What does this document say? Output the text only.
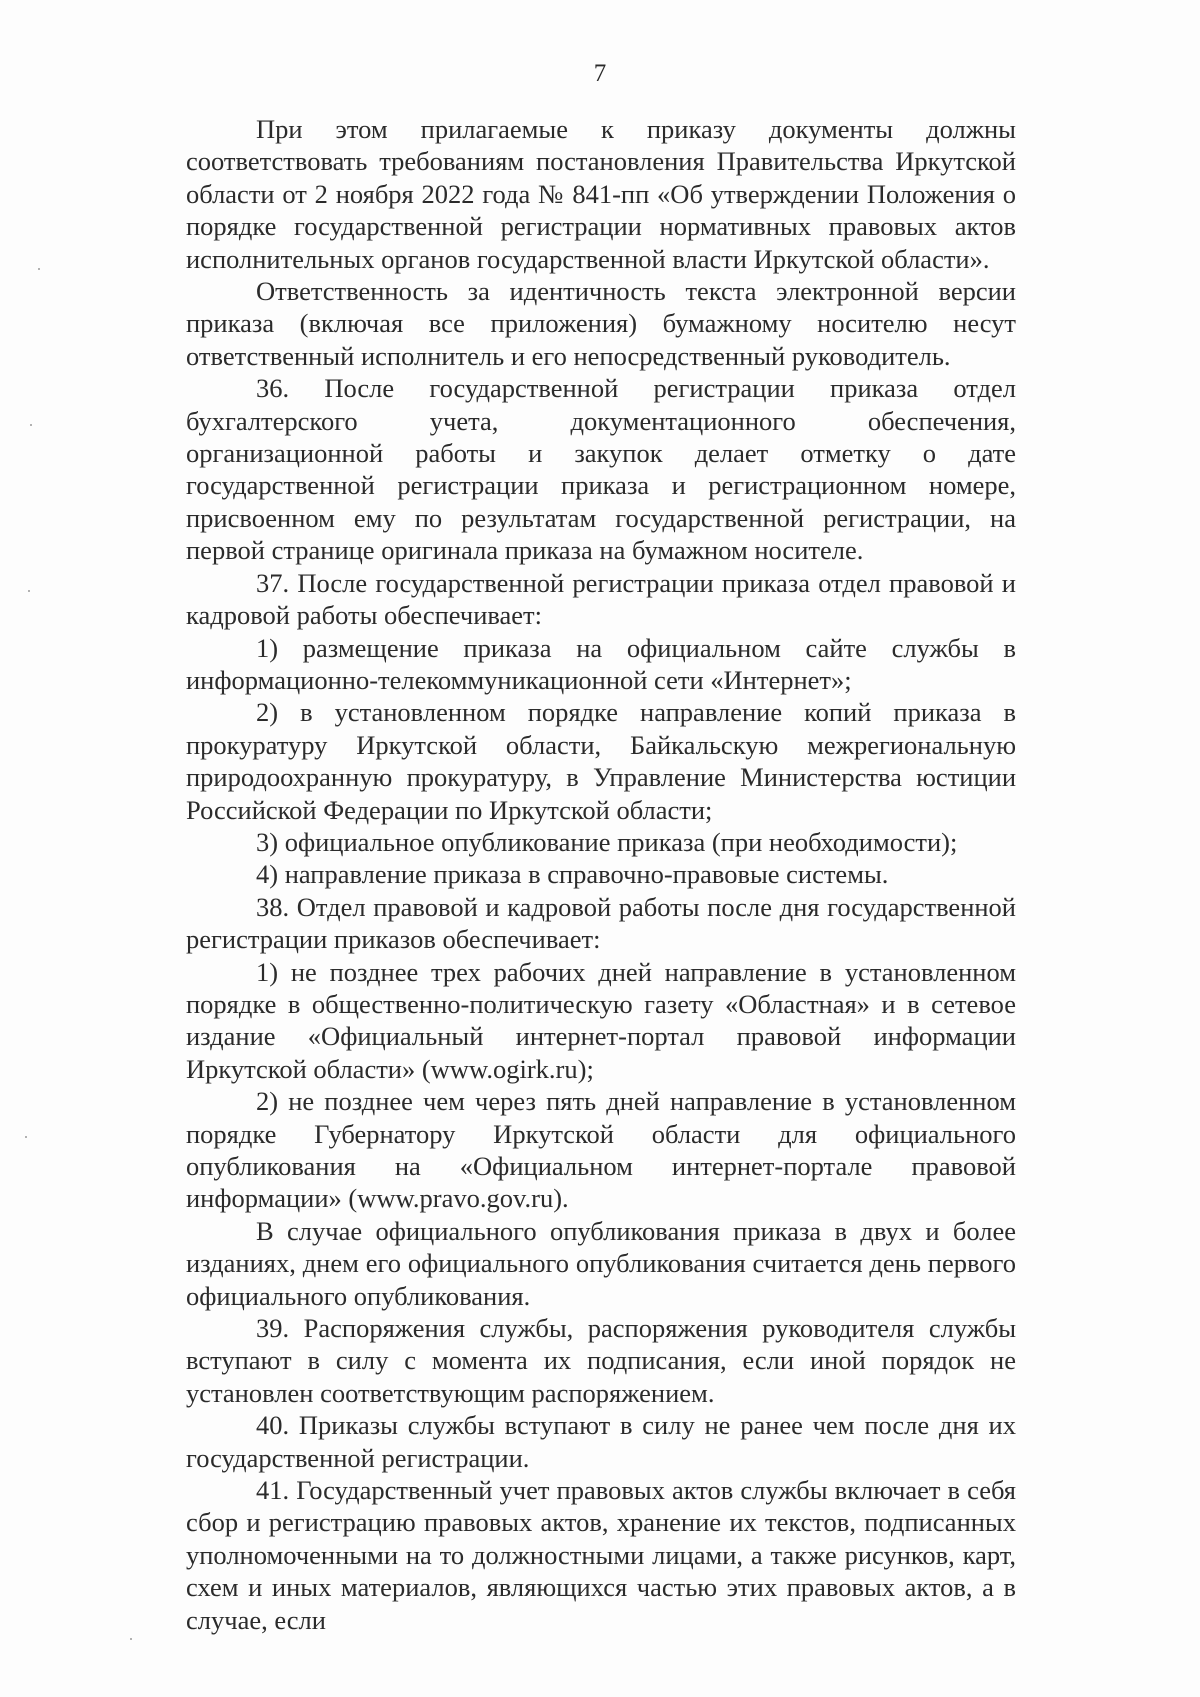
7

При этом прилагаемые к приказу документы должны соответствовать требованиям постановления Правительства Иркутской области от 2 ноября 2022 года № 841-пп «Об утверждении Положения о порядке государственной регистрации нормативных правовых актов исполнительных органов государственной власти Иркутской области».

Ответственность за идентичность текста электронной версии приказа (включая все приложения) бумажному носителю несут ответственный исполнитель и его непосредственный руководитель.

36. После государственной регистрации приказа отдел бухгалтерского учета, документационного обеспечения, организационной работы и закупок делает отметку о дате государственной регистрации приказа и регистрационном номере, присвоенном ему по результатам государственной регистрации, на первой странице оригинала приказа на бумажном носителе.

37. После государственной регистрации приказа отдел правовой и кадровой работы обеспечивает:

1) размещение приказа на официальном сайте службы в информационно-телекоммуникационной сети «Интернет»;

2) в установленном порядке направление копий приказа в прокуратуру Иркутской области, Байкальскую межрегиональную природоохранную прокуратуру, в Управление Министерства юстиции Российской Федерации по Иркутской области;

3) официальное опубликование приказа (при необходимости);

4) направление приказа в справочно-правовые системы.

38. Отдел правовой и кадровой работы после дня государственной регистрации приказов обеспечивает:

1) не позднее трех рабочих дней направление в установленном порядке в общественно-политическую газету «Областная» и в сетевое издание «Официальный интернет-портал правовой информации Иркутской области» (www.ogirk.ru);

2) не позднее чем через пять дней направление в установленном порядке Губернатору Иркутской области для официального опубликования на «Официальном интернет-портале правовой информации» (www.pravo.gov.ru).

В случае официального опубликования приказа в двух и более изданиях, днем его официального опубликования считается день первого официального опубликования.

39. Распоряжения службы, распоряжения руководителя службы вступают в силу с момента их подписания, если иной порядок не установлен соответствующим распоряжением.

40. Приказы службы вступают в силу не ранее чем после дня их государственной регистрации.

41. Государственный учет правовых актов службы включает в себя сбор и регистрацию правовых актов, хранение их текстов, подписанных уполномоченными на то должностными лицами, а также рисунков, карт, схем и иных материалов, являющихся частью этих правовых актов, а в случае, если
